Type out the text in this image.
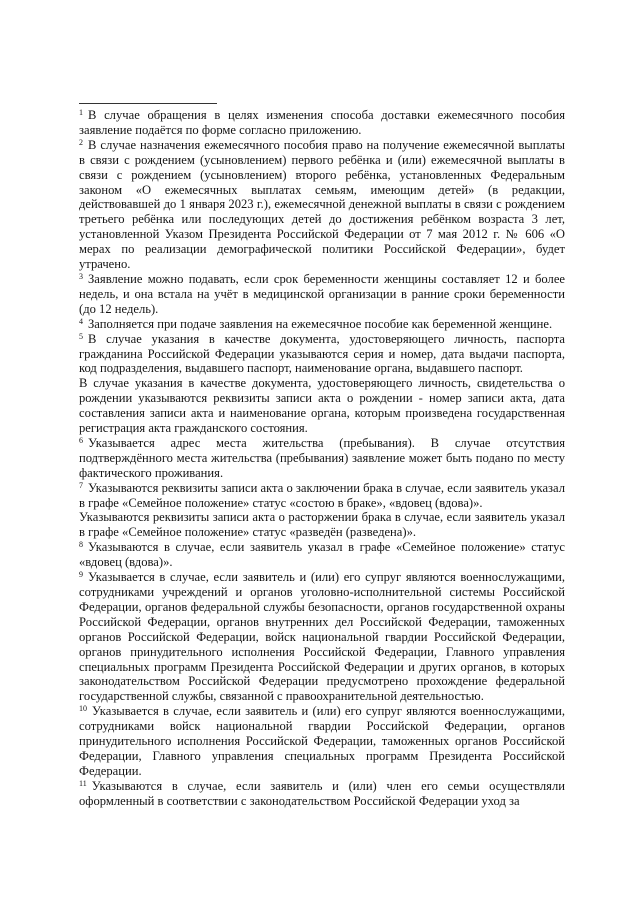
$^1$ В случае обращения в целях изменения способа доставки ежемесячного пособия заявление подаётся по форме согласно приложению.

$^2$ В случае назначения ежемесячного пособия право на получение ежемесячной выплаты в связи с рождением (усыновлением) первого ребёнка и (или) ежемесячной выплаты в связи с рождением (усыновлением) второго ребёнка, установленных Федеральным законом «О ежемесячных выплатах семьям, имеющим детей» (в редакции, действовавшей до 1 января 2023 г.), ежемесячной денежной выплаты в связи с рождением третьего ребёнка или последующих детей до достижения ребёнком возраста 3 лет, установленной Указом Президента Российской Федерации от 7 мая 2012 г. № 606 «О мерах по реализации демографической политики Российской Федерации», будет утрачено.

$^3$ Заявление можно подавать, если срок беременности женщины составляет 12 и более недель, и она встала на учёт в медицинской организации в ранние сроки беременности (до 12 недель).

$^4$ Заполняется при подаче заявления на ежемесячное пособие как беременной женщине.

$^5$ В случае указания в качестве документа, удостоверяющего личность, паспорта гражданина Российской Федерации указываются серия и номер, дата выдачи паспорта, код подразделения, выдавшего паспорт, наименование органа, выдавшего паспорт.
В случае указания в качестве документа, удостоверяющего личность, свидетельства о рождении указываются реквизиты записи акта о рождении - номер записи акта, дата составления записи акта и наименование органа, которым произведена государственная регистрация акта гражданского состояния.

$^6$ Указывается адрес места жительства (пребывания). В случае отсутствия подтверждённого места жительства (пребывания) заявление может быть подано по месту фактического проживания.

$^7$ Указываются реквизиты записи акта о заключении брака в случае, если заявитель указал в графе «Семейное положение» статус «состою в браке», «вдовец (вдова)».
Указываются реквизиты записи акта о расторжении брака в случае, если заявитель указал в графе «Семейное положение» статус «разведён (разведена)».

$^8$ Указываются в случае, если заявитель указал в графе «Семейное положение» статус «вдовец (вдова)».

$^9$ Указывается в случае, если заявитель и (или) его супруг являются военнослужащими, сотрудниками учреждений и органов уголовно-исполнительной системы Российской Федерации, органов федеральной службы безопасности, органов государственной охраны Российской Федерации, органов внутренних дел Российской Федерации, таможенных органов Российской Федерации, войск национальной гвардии Российской Федерации, органов принудительного исполнения Российской Федерации, Главного управления специальных программ Президента Российской Федерации и других органов, в которых законодательством Российской Федерации предусмотрено прохождение федеральной государственной службы, связанной с правоохранительной деятельностью.

$^{10}$ Указывается в случае, если заявитель и (или) его супруг являются военнослужащими, сотрудниками войск национальной гвардии Российской Федерации, органов принудительного исполнения Российской Федерации, таможенных органов Российской Федерации, Главного управления специальных программ Президента Российской Федерации.

$^{11}$ Указываются в случае, если заявитель и (или) член его семьи осуществляли оформленный в соответствии с законодательством Российской Федерации уход за
